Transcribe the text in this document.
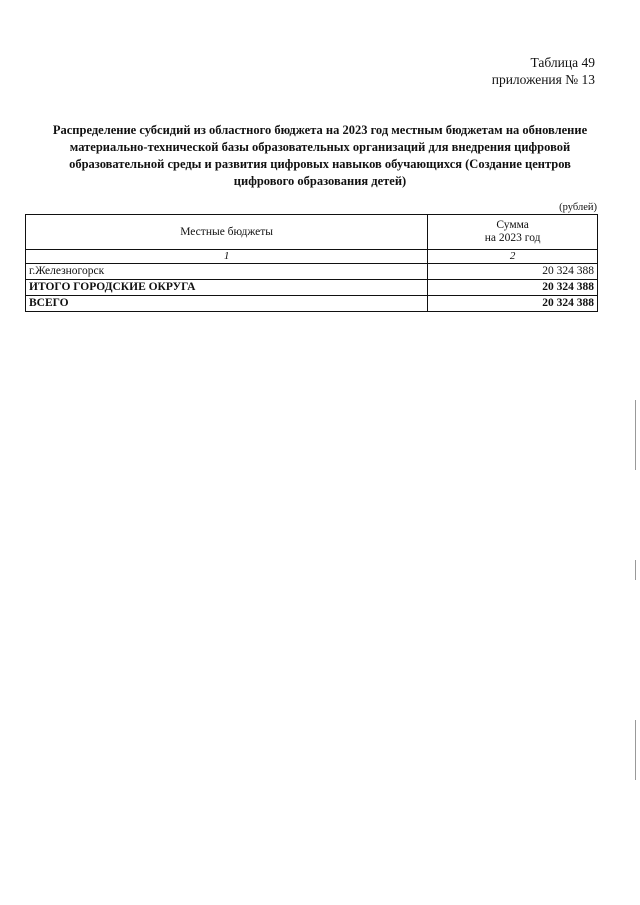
Таблица 49
приложения № 13
Распределение субсидий из областного бюджета на 2023 год местным бюджетам на обновление
материально-технической базы образовательных организаций для внедрения цифровой
образовательной среды и развития цифровых навыков обучающихся (Создание центров
цифрового образования детей)
(рублей)
Местные бюджеты	Сумма
на 2023 год

1	2
г.Железногорск	20 324 388
ИТОГО ГОРОДСКИЕ ОКРУГА	20 324 388
ВСЕГО	20 324 388
